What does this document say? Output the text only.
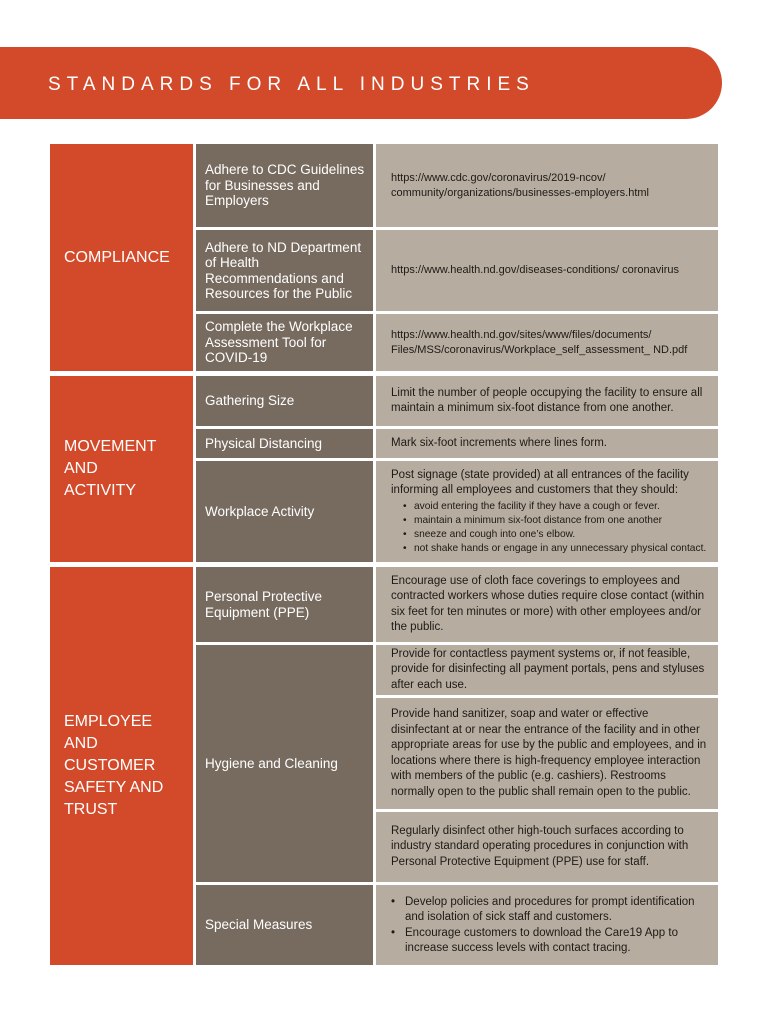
STANDARDS FOR ALL INDUSTRIES
COMPLIANCE
Adhere to CDC Guidelines for Businesses and Employers
https://www.cdc.gov/coronavirus/2019-ncov/ community/organizations/businesses-employers.html
Adhere to ND Department of Health Recommendations and Resources for the Public
https://www.health.nd.gov/diseases-conditions/ coronavirus
Complete the Workplace Assessment Tool for COVID-19
https://www.health.nd.gov/sites/www/files/documents/ Files/MSS/coronavirus/Workplace_self_assessment_ ND.pdf
MOVEMENT AND ACTIVITY
Gathering Size
Limit the number of people occupying the facility to ensure all maintain a minimum six-foot distance from one another.
Physical Distancing	Mark six-foot increments where lines form.
Workplace Activity
Post signage (state provided) at all entrances of the facility informing all employees and customers that they should:
• avoid entering the facility if they have a cough or fever.
• maintain a minimum six-foot distance from one another
• sneeze and cough into one’s elbow.
• not shake hands or engage in any unnecessary physical contact.
EMPLOYEE AND CUSTOMER SAFETY AND TRUST
Personal Protective Equipment (PPE)
Encourage use of cloth face coverings to employees and contracted workers whose duties require close contact (within six feet for ten minutes or more) with other employees and/or the public.
Hygiene and Cleaning
Provide for contactless payment systems or, if not feasible, provide for disinfecting all payment portals, pens and styluses after each use.
Provide hand sanitizer, soap and water or effective disinfectant at or near the entrance of the facility and in other appropriate areas for use by the public and employees, and in locations where there is high-frequency employee interaction with members of the public (e.g. cashiers). Restrooms normally open to the public shall remain open to the public.
Regularly disinfect other high-touch surfaces according to industry standard operating procedures in conjunction with Personal Protective Equipment (PPE) use for staff.
Special Measures
• Develop policies and procedures for prompt identification and isolation of sick staff and customers.
• Encourage customers to download the Care19 App to increase success levels with contact tracing.
